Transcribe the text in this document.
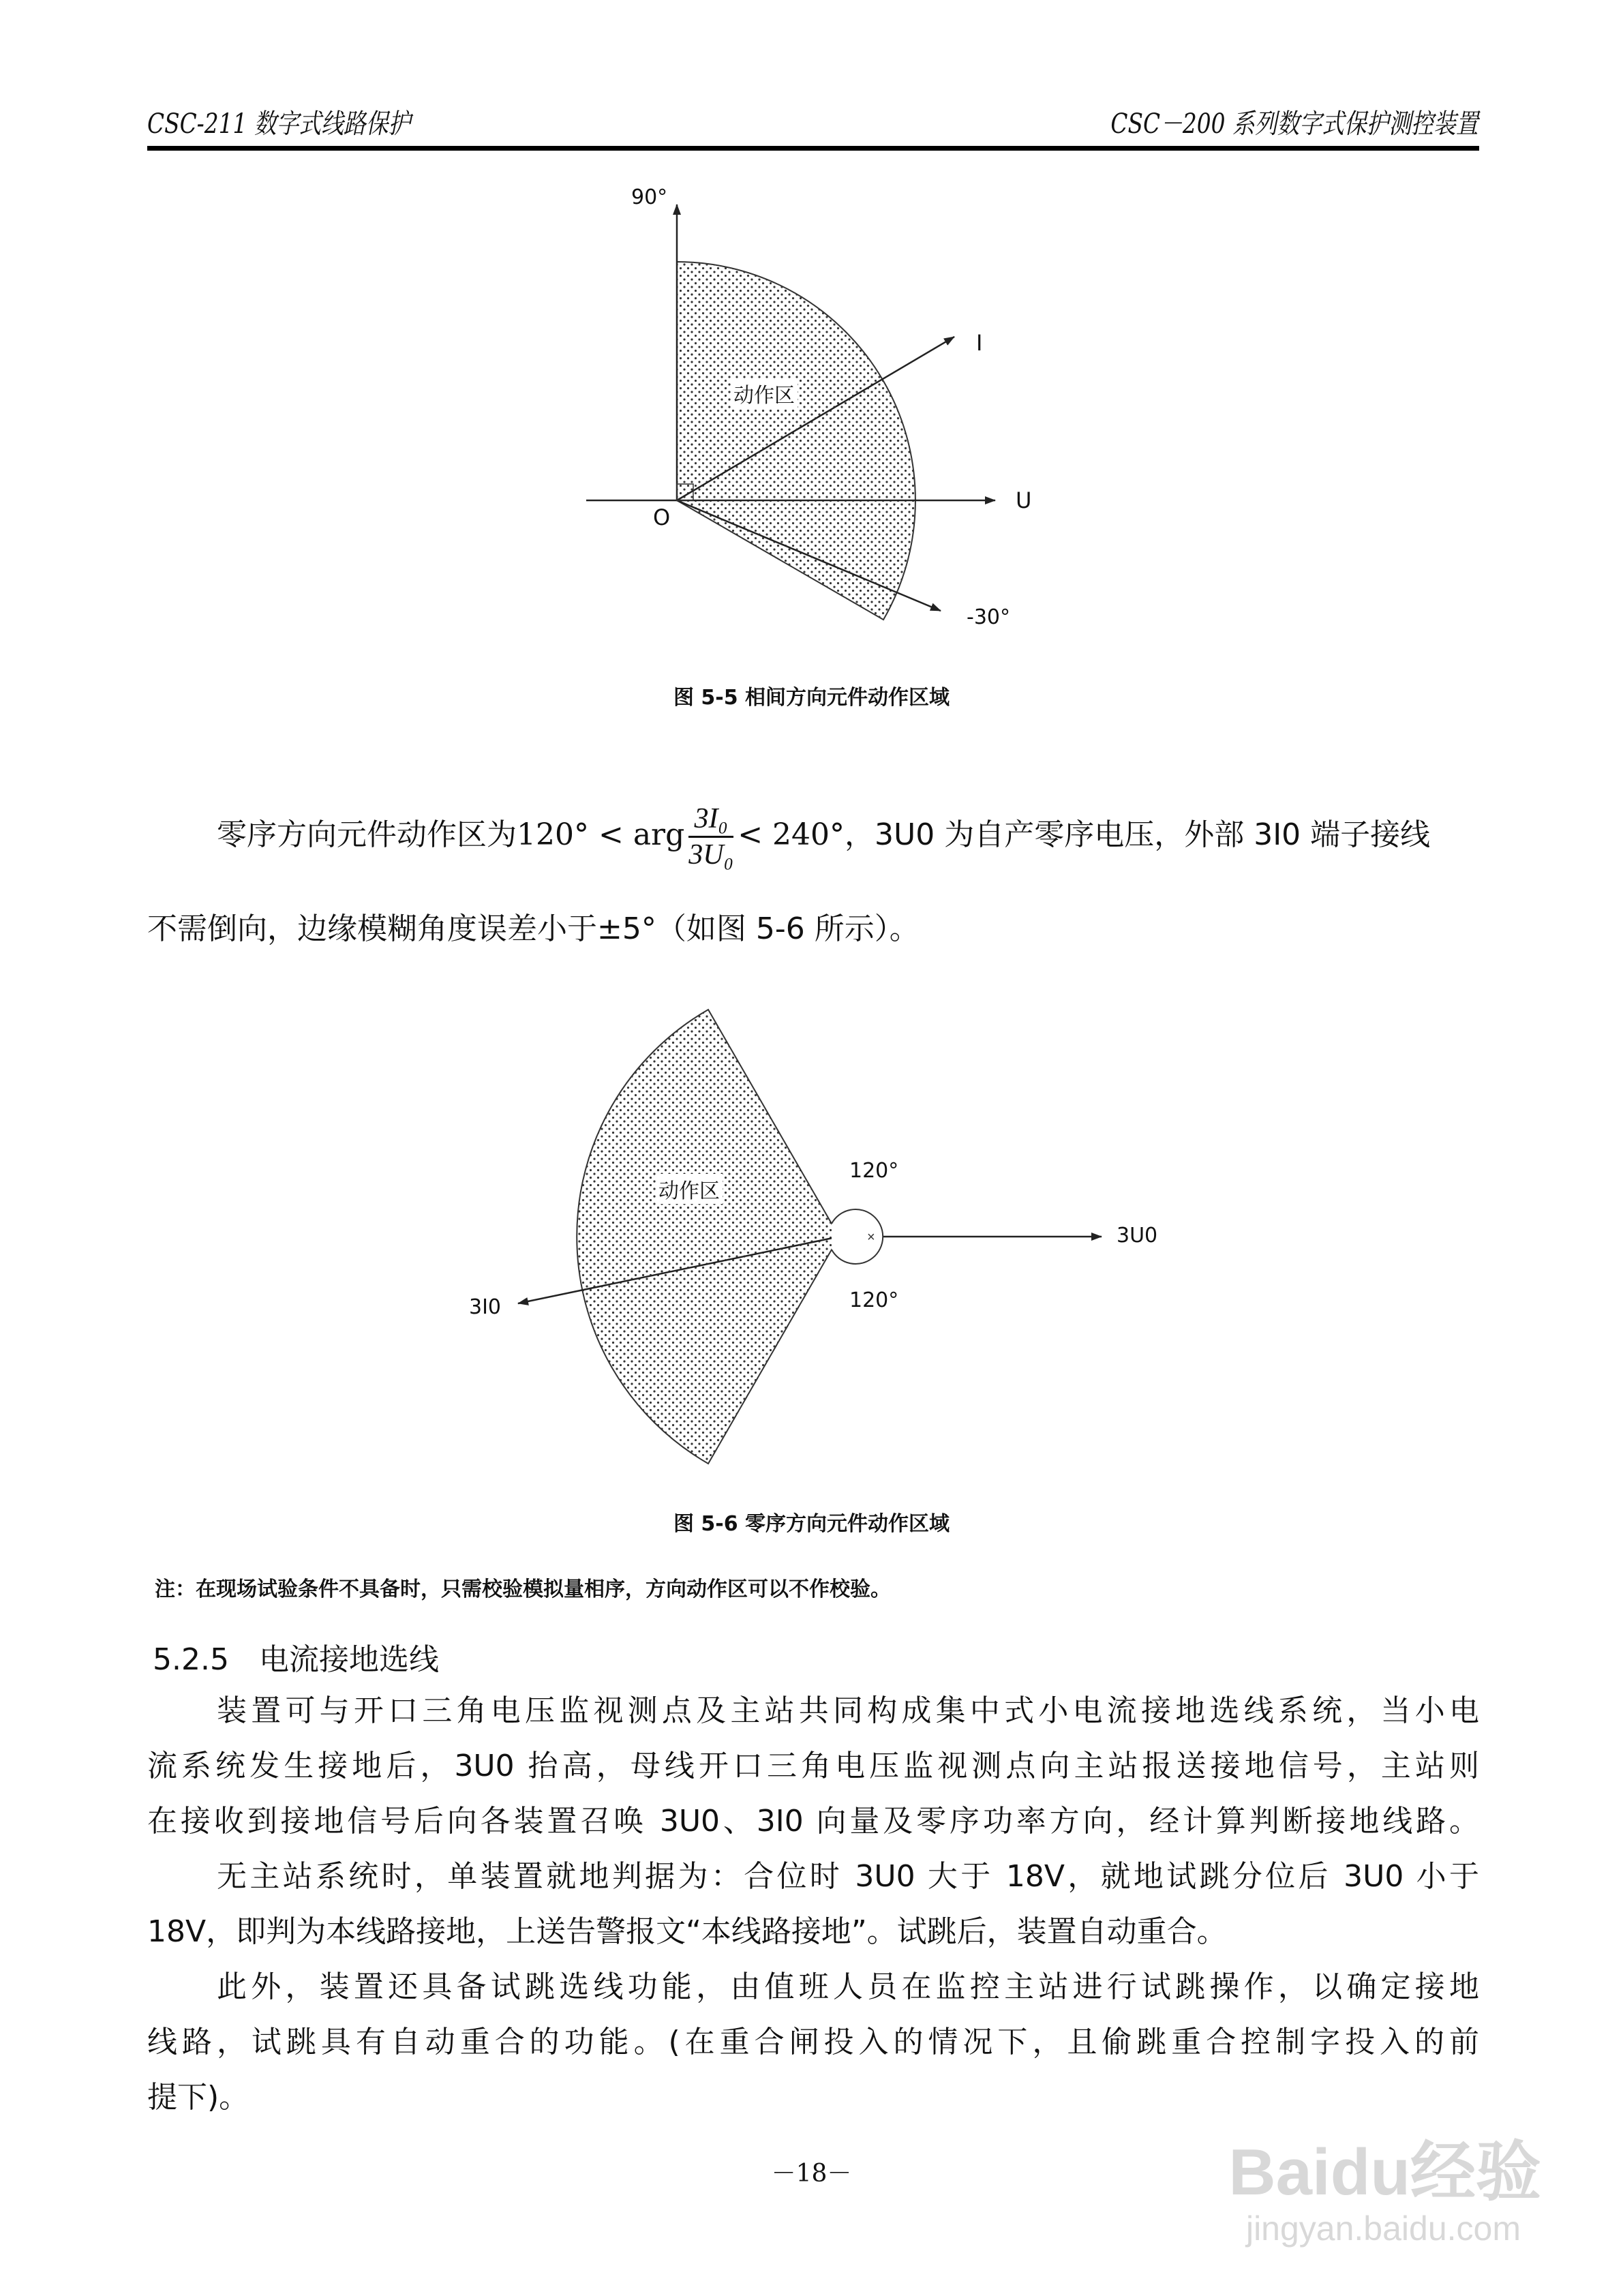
CSC-211 数字式线路保护	CSC－200 系列数字式保护测控装置
90°
I
U
O
-30°
动作区
图 5-5 相间方向元件动作区域
零序方向元件动作区为120° < arg $\frac{\text{3I₀}}{\text{3U₀}} < 240^\circ$，3U0 为自产零序电压，外部 3I0 端子接线
不需倒向，边缘模糊角度误差小于±5°（如图 5-6 所示）。
×
120°
120°
3U0
3I0
动作区
图 5-6 零序方向元件动作区域
注：在现场试验条件不具备时，只需校验模拟量相序，方向动作区可以不作校验。
5.2.5 电流接地选线
装置可与开口三角电压监视测点及主站共同构成集中式小电流接地选线系统，当小电
流系统发生接地后，3U0 抬高，母线开口三角电压监视测点向主站报送接地信号，主站则
在接收到接地信号后向各装置召唤 3U0、3I0 向量及零序功率方向，经计算判断接地线路。
无主站系统时，单装置就地判据为：合位时 3U0 大于 18V，就地试跳分位后 3U0 小于
18V，即判为本线路接地，上送告警报文“本线路接地”。试跳后，装置自动重合。
此外，装置还具备试跳选线功能，由值班人员在监控主站进行试跳操作，以确定接地
线路，试跳具有自动重合的功能。(在重合闸投入的情况下，且偷跳重合控制字投入的前
提下)。
－18－	Baidu经验
jingyan.baidu.com
